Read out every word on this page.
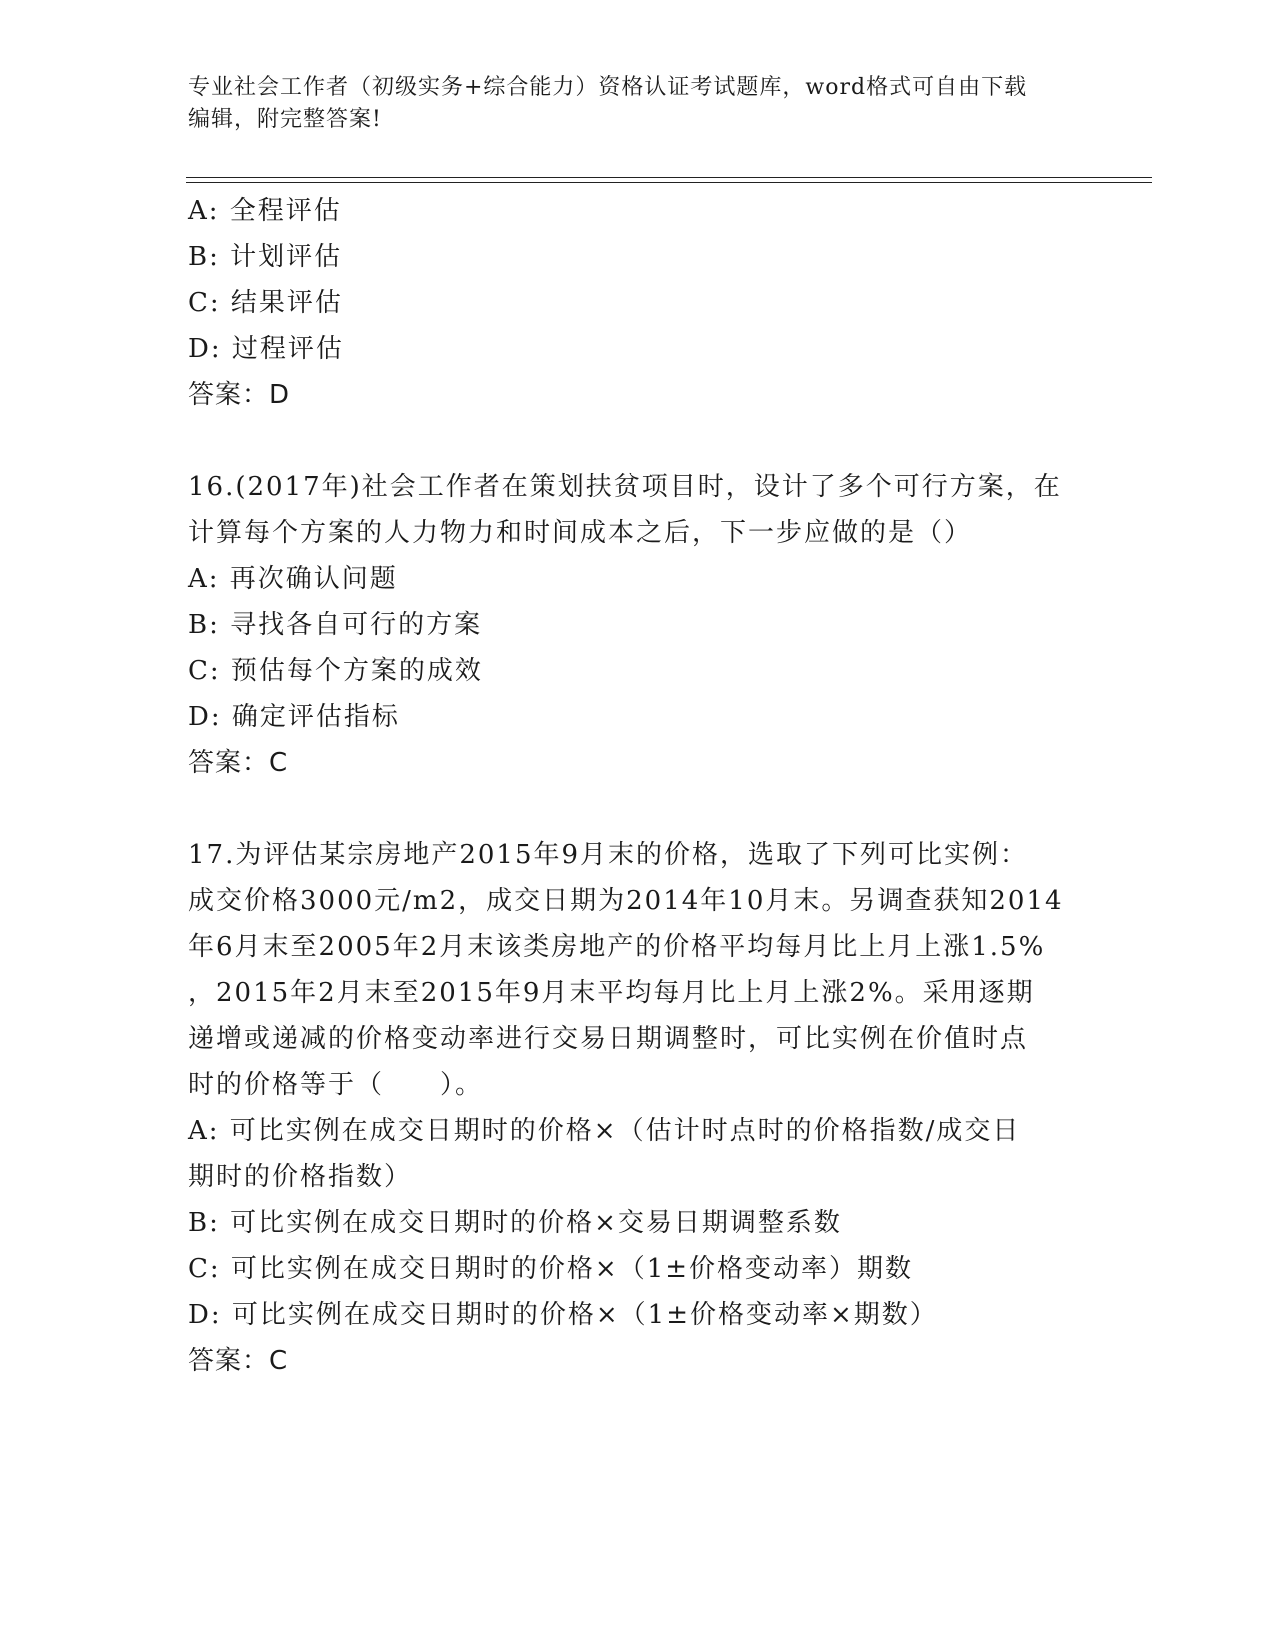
专业社会工作者（初级实务+综合能力）资格认证考试题库，word格式可自由下载
编辑，附完整答案!
A: 全程评估
B: 计划评估
C: 结果评估
D: 过程评估
答案：D
16.(2017年)社会工作者在策划扶贫项目时，设计了多个可行方案，在
计算每个方案的人力物力和时间成本之后，下一步应做的是（）
A: 再次确认问题
B: 寻找各自可行的方案
C: 预估每个方案的成效
D: 确定评估指标
答案：C
17.为评估某宗房地产2015年9月末的价格，选取了下列可比实例：
成交价格3000元/m2，成交日期为2014年10月末。另调查获知2014
年6月末至2005年2月末该类房地产的价格平均每月比上月上涨1.5%
，2015年2月末至2015年9月末平均每月比上月上涨2%。采用逐期
递增或递减的价格变动率进行交易日期调整时，可比实例在价值时点
时的价格等于（　　）。
A: 可比实例在成交日期时的价格×（估计时点时的价格指数/成交日
期时的价格指数）
B: 可比实例在成交日期时的价格×交易日期调整系数
C: 可比实例在成交日期时的价格×（1±价格变动率）期数
D: 可比实例在成交日期时的价格×（1±价格变动率×期数）
答案：C
